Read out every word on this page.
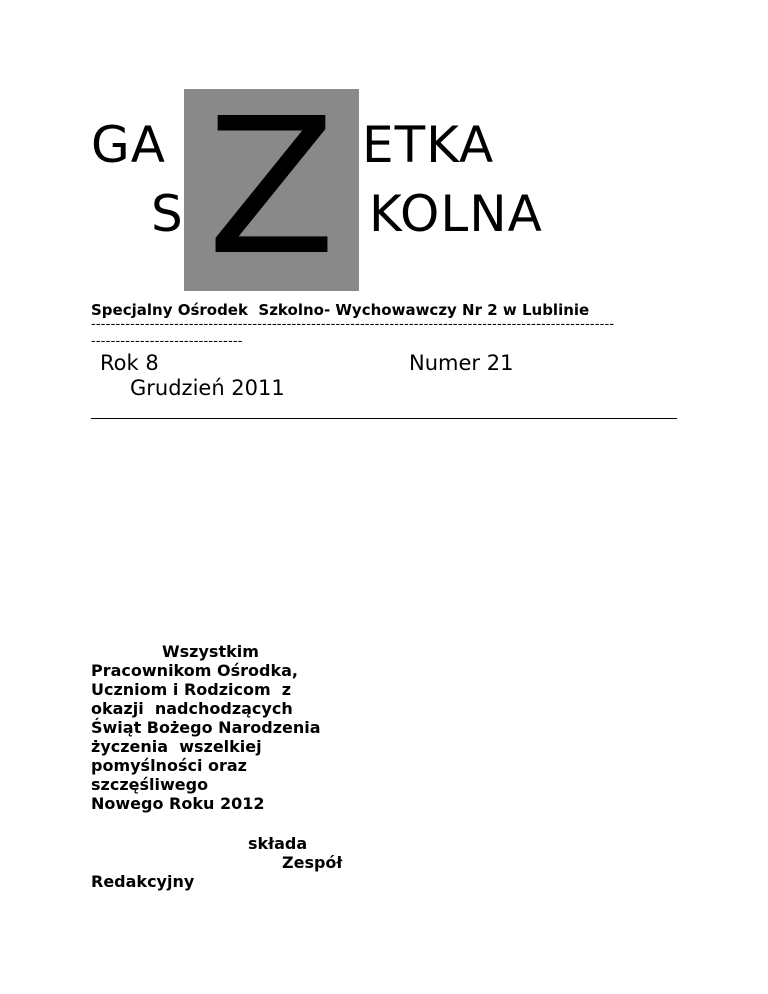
Z
GA	ETKA
S	KOLNA
Specjalny Ośrodek  Szkolno- Wychowawczy Nr 2 w Lublinie
-----------------------------------------------------------------------------------------------------------
-------------------------------
Rok 8	Numer 21
Grudzień 2011
Wszystkim
Pracownikom Ośrodka,
Uczniom i Rodzicom  z
okazji  nadchodzących
Świąt Bożego Narodzenia
życzenia  wszelkiej
pomyślności oraz
szczęśliwego
Nowego Roku 2012
składa
Zespół
Redakcyjny
